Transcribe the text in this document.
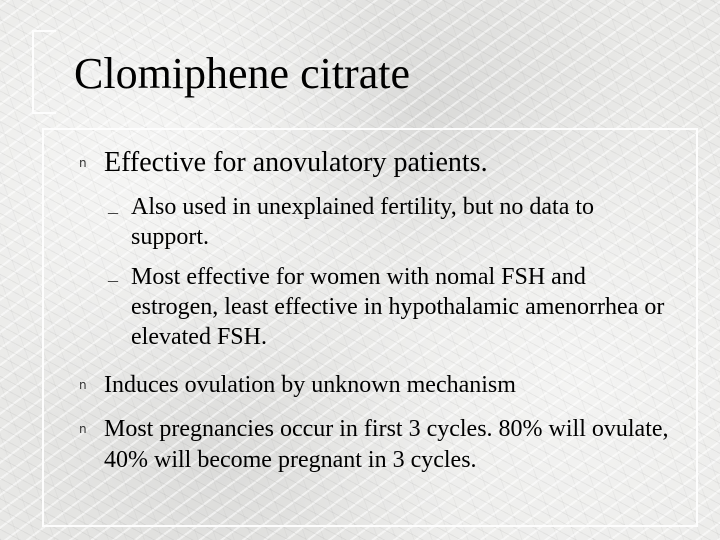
Clomiphene citrate
n Effective for anovulatory patients.
– Also used in unexplained fertility, but no data to support.
– Most effective for women with nomal FSH and estrogen, least effective in hypothalamic amenorrhea or elevated FSH.
n Induces ovulation by unknown mechanism
n Most pregnancies occur in first 3 cycles. 80% will ovulate, 40% will become pregnant in 3 cycles.
